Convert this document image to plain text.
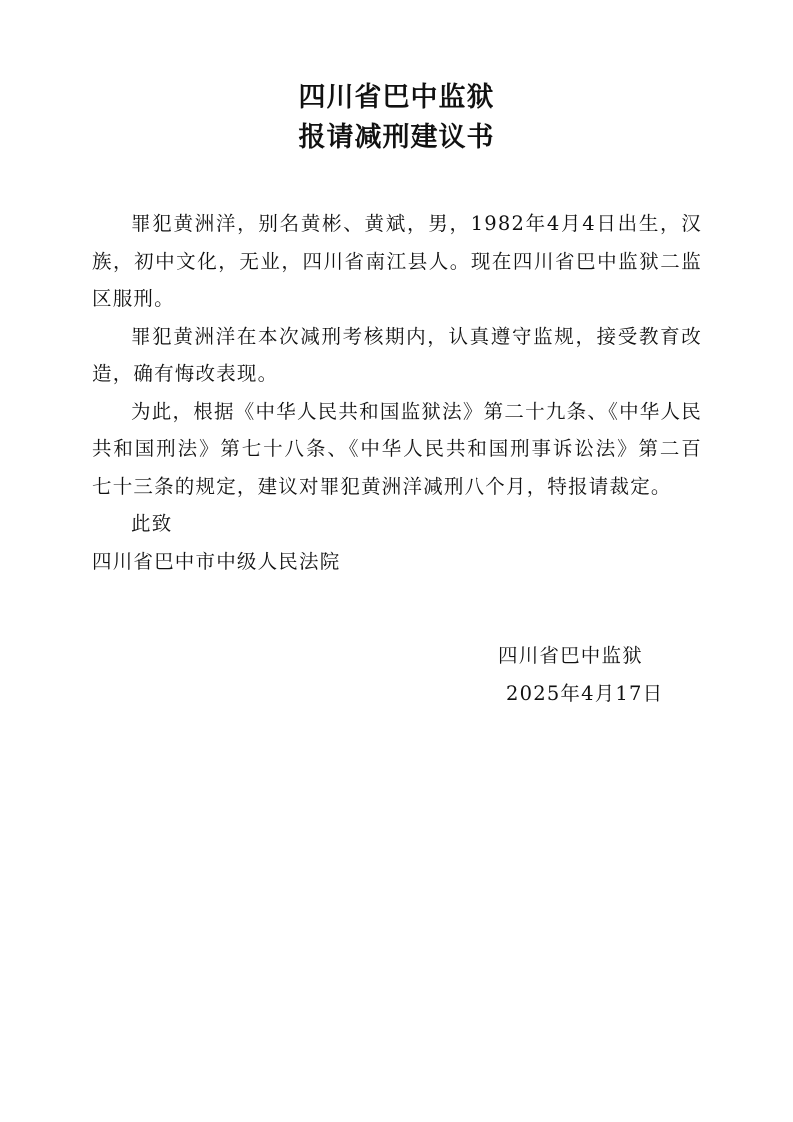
四川省巴中监狱
报请减刑建议书

罪犯黄洲洋，别名黄彬、黄斌，男，1982年4月4日出生，汉族，初中文化，无业，四川省南江县人。现在四川省巴中监狱二监区服刑。

罪犯黄洲洋在本次减刑考核期内，认真遵守监规，接受教育改造，确有悔改表现。

为此，根据《中华人民共和国监狱法》第二十九条、《中华人民共和国刑法》第七十八条、《中华人民共和国刑事诉讼法》第二百七十三条的规定，建议对罪犯黄洲洋减刑八个月，特报请裁定。

此致

四川省巴中市中级人民法院

四川省巴中监狱
2025年4月17日
